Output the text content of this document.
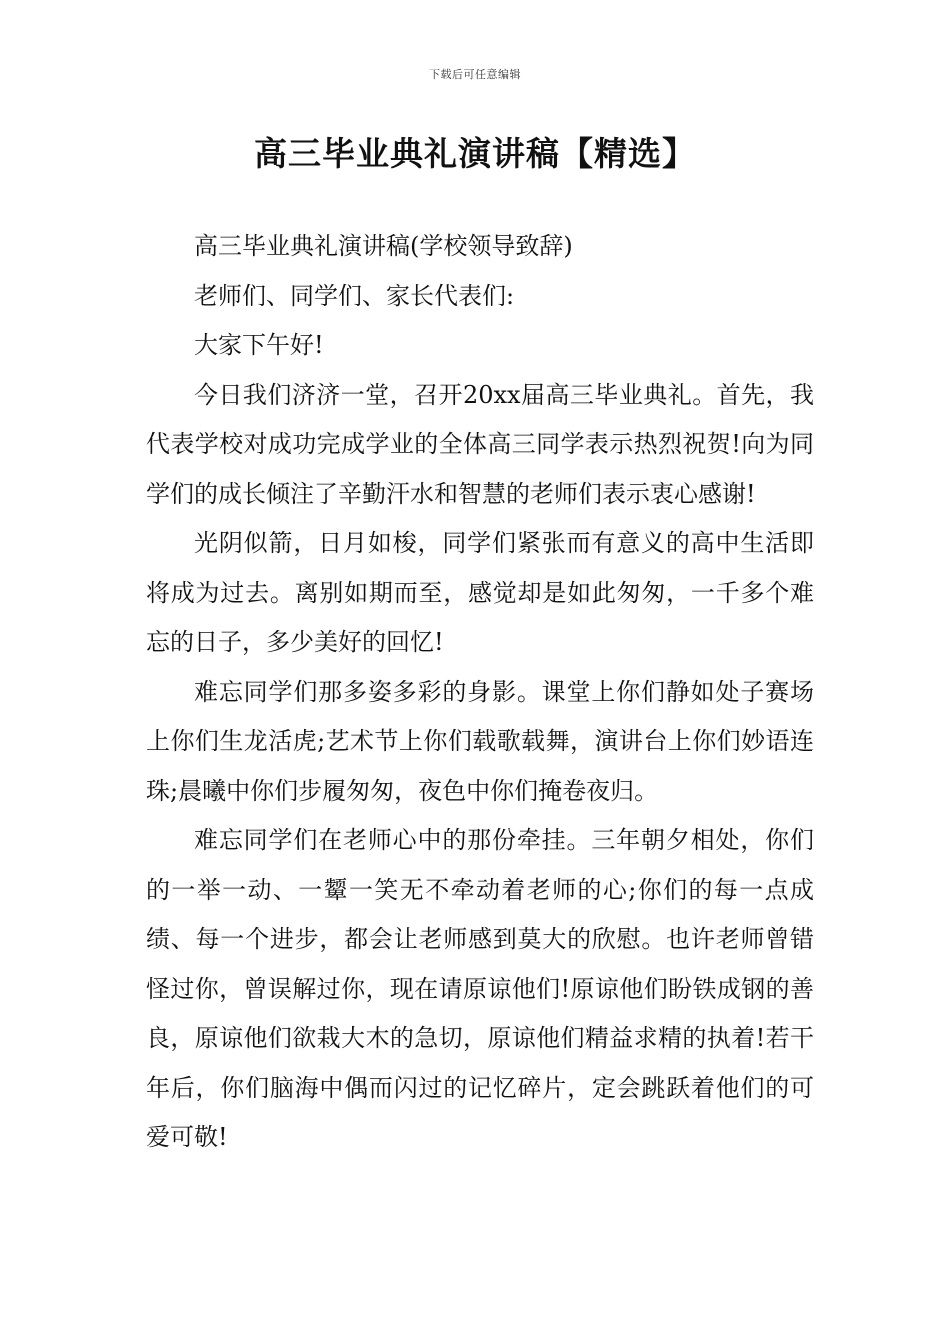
下载后可任意编辑
高三毕业典礼演讲稿【精选】

高三毕业典礼演讲稿(学校领导致辞)

老师们、同学们、家长代表们:

大家下午好!

今日我们济济一堂，召开20xx届高三毕业典礼。首先，我代表学校对成功完成学业的全体高三同学表示热烈祝贺!向为同学们的成长倾注了辛勤汗水和智慧的老师们表示衷心感谢!

光阴似箭，日月如梭，同学们紧张而有意义的高中生活即将成为过去。离别如期而至，感觉却是如此匆匆，一千多个难忘的日子，多少美好的回忆!

难忘同学们那多姿多彩的身影。课堂上你们静如处子赛场上你们生龙活虎;艺术节上你们载歌载舞，演讲台上你们妙语连珠;晨曦中你们步履匆匆，夜色中你们掩卷夜归。

难忘同学们在老师心中的那份牵挂。三年朝夕相处，你们的一举一动、一颦一笑无不牵动着老师的心;你们的每一点成绩、每一个进步，都会让老师感到莫大的欣慰。也许老师曾错怪过你，曾误解过你，现在请原谅他们!原谅他们盼铁成钢的善良，原谅他们欲栽大木的急切，原谅他们精益求精的执着!若干年后，你们脑海中偶而闪过的记忆碎片，定会跳跃着他们的可爱可敬!
